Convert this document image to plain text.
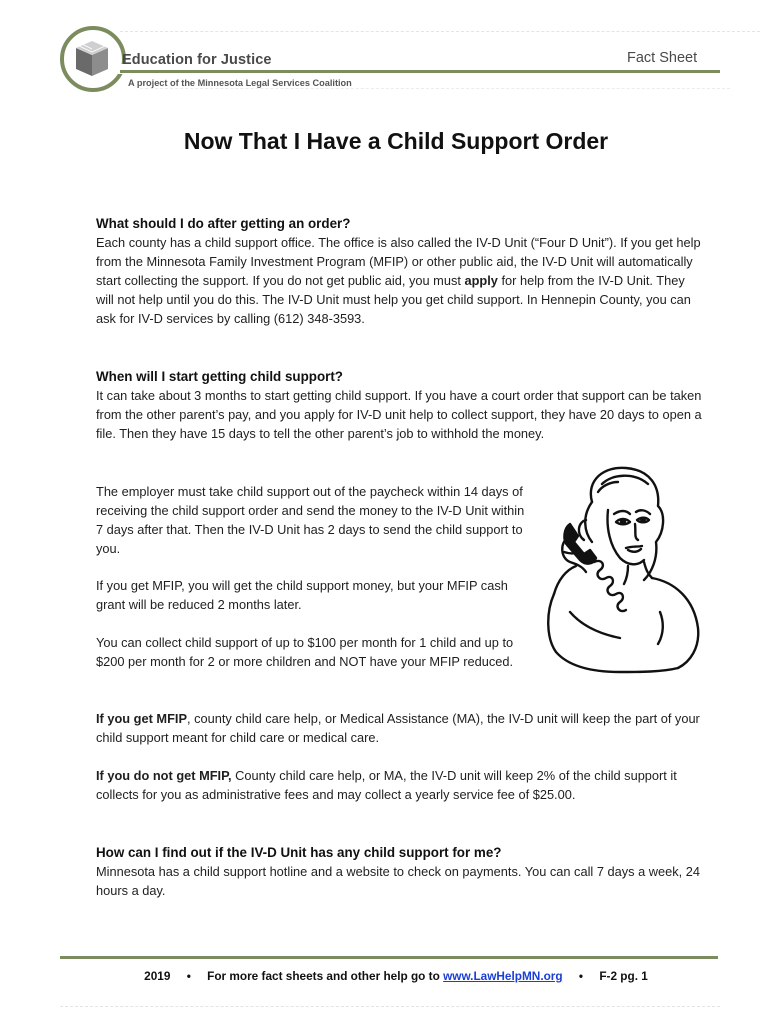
Education for Justice	Fact Sheet
A project of the Minnesota Legal Services Coalition
Now That I Have a Child Support Order
What should I do after getting an order?

Each county has a child support office. The office is also called the IV-D Unit (“Four D Unit”). If you get help from the Minnesota Family Investment Program (MFIP) or other public aid, the IV-D Unit will automatically start collecting the support. If you do not get public aid, you must apply for help from the IV-D Unit. They will not help until you do this. The IV-D Unit must help you get child support. In Hennepin County, you can ask for IV-D services by calling (612) 348-3593.

When will I start getting child support?

It can take about 3 months to start getting child support. If you have a court order that support can be taken from the other parent’s pay, and you apply for IV-D unit help to collect support, they have 20 days to open a file. Then they have 15 days to tell the other parent’s job to withhold the money.

The employer must take child support out of the paycheck within 14 days of receiving the child support order and send the money to the IV-D Unit within 7 days after that. Then the IV-D Unit has 2 days to send the child support to you.
If you get MFIP, you will get the child support money, but your MFIP cash grant will be reduced 2 months later.
You can collect child support of up to $100 per month for 1 child and up to $200 per month for 2 or more children and NOT have your MFIP reduced.
If you get MFIP, county child care help, or Medical Assistance (MA), the IV-D unit will keep the part of your child support meant for child care or medical care.
If you do not get MFIP, County child care help, or MA, the IV-D unit will keep 2% of the child support it collects for you as administrative fees and may collect a yearly service fee of $25.00.
How can I find out if the IV-D Unit has any child support for me?

Minnesota has a child support hotline and a website to check on payments. You can call 7 days a week, 24 hours a day.

2019 • For more fact sheets and other help go to www.LawHelpMN.org • F-2 pg. 1
